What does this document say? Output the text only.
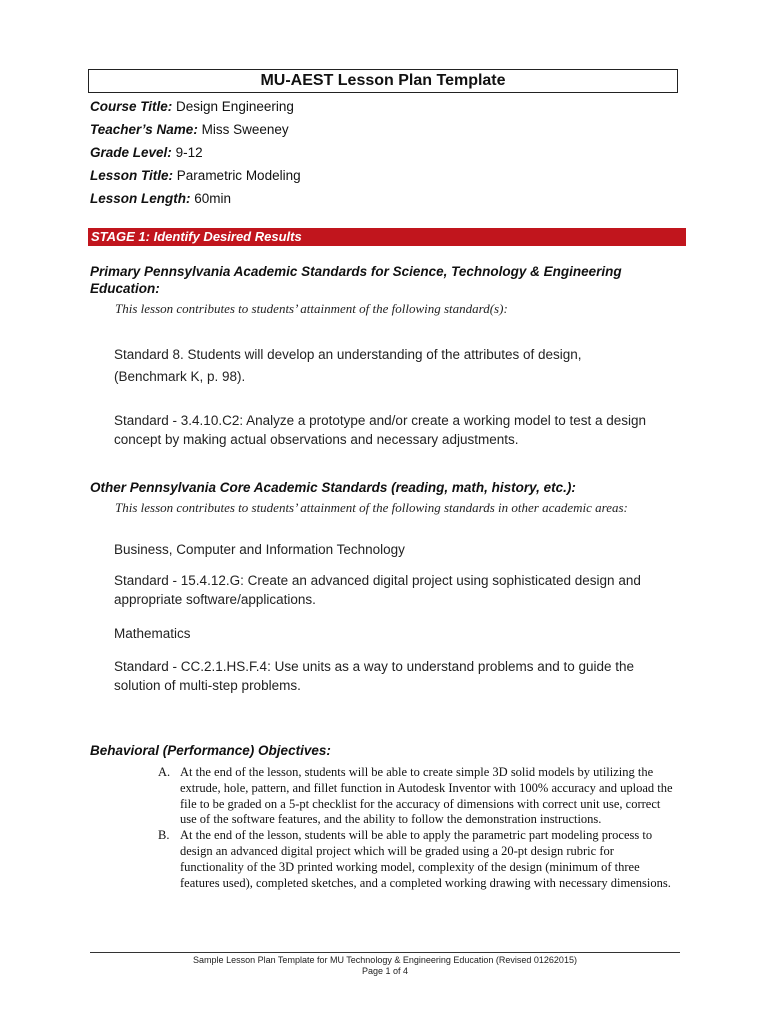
MU-AEST Lesson Plan Template
Course Title: Design Engineering
Teacher’s Name: Miss Sweeney
Grade Level: 9-12
Lesson Title: Parametric Modeling
Lesson Length: 60min
STAGE 1: Identify Desired Results
Primary Pennsylvania Academic Standards for Science, Technology & Engineering Education:
This lesson contributes to students’ attainment of the following standard(s):
Standard 8. Students will develop an understanding of the attributes of design,
(Benchmark K, p. 98).
Standard - 3.4.10.C2: Analyze a prototype and/or create a working model to test a design concept by making actual observations and necessary adjustments.
Other Pennsylvania Core Academic Standards (reading, math, history, etc.):
This lesson contributes to students’ attainment of the following standards in other academic areas:
Business, Computer and Information Technology
Standard - 15.4.12.G: Create an advanced digital project using sophisticated design and appropriate software/applications.
Mathematics
Standard - CC.2.1.HS.F.4: Use units as a way to understand problems and to guide the solution of multi-step problems.
Behavioral (Performance) Objectives:
A. At the end of the lesson, students will be able to create simple 3D solid models by utilizing the extrude, hole, pattern, and fillet function in Autodesk Inventor with 100% accuracy and upload the file to be graded on a 5-pt checklist for the accuracy of dimensions with correct unit use, correct use of the software features, and the ability to follow the demonstration instructions.
B. At the end of the lesson, students will be able to apply the parametric part modeling process to design an advanced digital project which will be graded using a 20-pt design rubric for functionality of the 3D printed working model, complexity of the design (minimum of three features used), completed sketches, and a completed working drawing with necessary dimensions.
Sample Lesson Plan Template for MU Technology & Engineering Education (Revised 01262015)
Page 1 of 4
